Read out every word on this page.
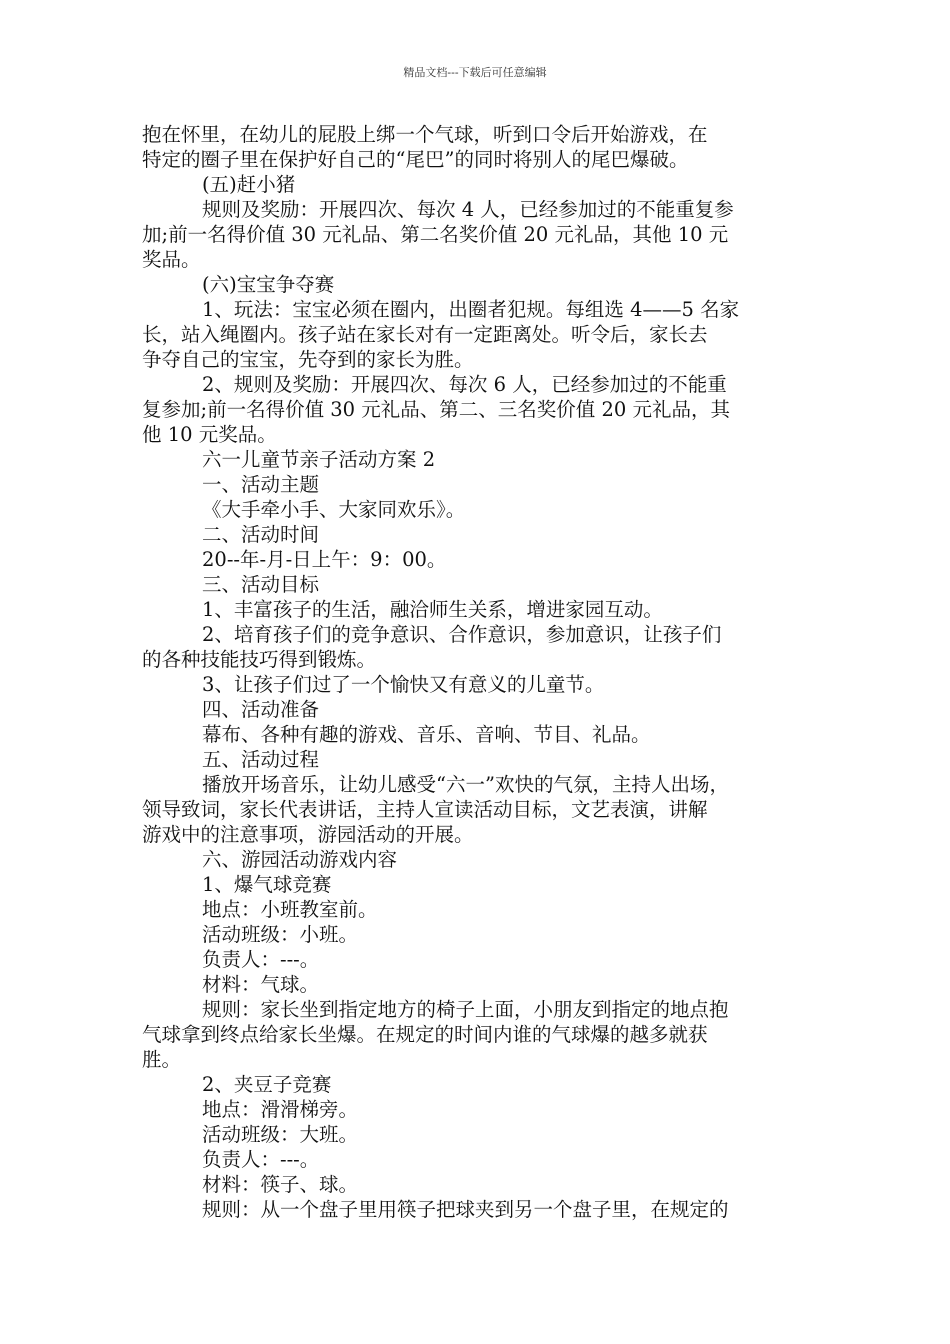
精品文档---下载后可任意编辑

抱在怀里，在幼儿的屁股上绑一个气球，听到口令后开始游戏，在

特定的圈子里在保护好自己的“尾巴”的同时将别人的尾巴爆破。

(五)赶小猪

规则及奖励：开展四次、每次 4 人，已经参加过的不能重复参

加;前一名得价值 30 元礼品、第二名奖价值 20 元礼品，其他 10 元

奖品。

(六)宝宝争夺赛

1、玩法：宝宝必须在圈内，出圈者犯规。每组选 4——5 名家

长，站入绳圈内。孩子站在家长对有一定距离处。听令后，家长去

争夺自己的宝宝，先夺到的家长为胜。

2、规则及奖励：开展四次、每次 6 人，已经参加过的不能重

复参加;前一名得价值 30 元礼品、第二、三名奖价值 20 元礼品，其

他 10 元奖品。

六一儿童节亲子活动方案 2

一、活动主题

《大手牵小手、大家同欢乐》。

二、活动时间

20--年-月-日上午：9：00。

三、活动目标

1、丰富孩子的生活，融洽师生关系，增进家园互动。

2、培育孩子们的竞争意识、合作意识，参加意识，让孩子们

的各种技能技巧得到锻炼。

3、让孩子们过了一个愉快又有意义的儿童节。

四、活动准备

幕布、各种有趣的游戏、音乐、音响、节目、礼品。

五、活动过程

播放开场音乐，让幼儿感受“六一”欢快的气氛，主持人出场，

领导致词，家长代表讲话，主持人宣读活动目标，文艺表演，讲解

游戏中的注意事项，游园活动的开展。

六、游园活动游戏内容

1、爆气球竞赛

地点：小班教室前。

活动班级：小班。

负责人：---。

材料：气球。

规则：家长坐到指定地方的椅子上面，小朋友到指定的地点抱

气球拿到终点给家长坐爆。在规定的时间内谁的气球爆的越多就获

胜。

2、夹豆子竞赛

地点：滑滑梯旁。

活动班级：大班。

负责人：---。

材料：筷子、球。

规则：从一个盘子里用筷子把球夹到另一个盘子里，在规定的
